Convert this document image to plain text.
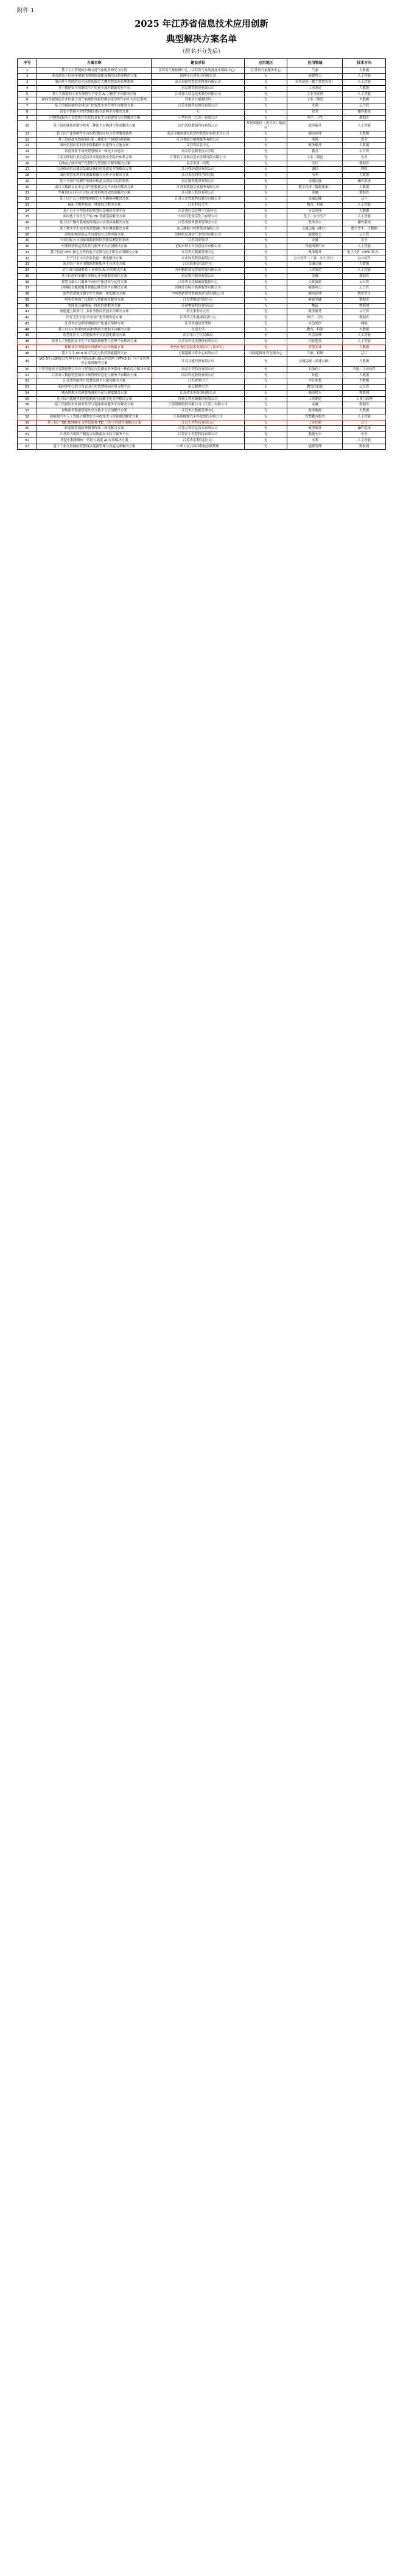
附件 1
2025 年江苏省信息技术应用创新
典型解决方案名单
（排名不分先后）
序号	方案名称	建设单位	应用地区	应用领域	技术方向
1	基于人工智能的公路交通气象服务研究与应用	江苏省气象探测中心（江苏省气象装备技术保障中心）	江苏省气象服务中心	气象	大数据
2	重点建设于信创环境的电网故障诊断预测信息系统解决方案	国网江苏省电力有限公司	无	能源电力	人工智能
3	面向基于智能信息化场景的温室大棚智慧农业管理系统	南京易联智慧农业科技有限公司	无	农业信创（数字智慧农业）	人工智能
4	基于数据安全的钢铁生产质量全流程数据管控平台	南京钢铁股份有限公司	无	工业制造	大数据
5	基于大数据的工业互联网生产安全 AI 大模型平台解决方案	江苏徐工信息技术股份有限公司	无	工业互联网	人工智能
6	面向智能制造企业的基于国产软硬件体系的数字化管理平台中台信息系统	苏州市计量测试院	无	工业／制造	大数据
7	基于信创环境的全栈国产化智慧水务管理平台解决方案	江苏水源科技股份有限公司	无	水利	云计算
8	高安全智能可控智慧城市综合治理平台解决方案	无	无	政务	操作系统
9	小型科技服务于智慧医疗医院信息化平台的建设与应用解决方案	小型科技（江苏）有限公司	无	医疗、卫生	数据库
10	基于信创体系的数字政务一体化平台构建与集成解决方案	国汽智联数据科技有限公司	苏州高新区（虎丘区）数据局	政务服务	人工智能
11	基于国产化软硬件平台的智慧园区综合管理服务系统	南京市城市建设投资控股集团有限责任公司	无	城市治理	大数据
12	基于信创技术的能源行业一体化生产调度指挥系统	江苏省综合能源服务有限公司	无	能源	安全
13	面向信创应用的企业级数据中台建设与实施方案	江苏省信息中心	无	政务服务	大数据
14	信创环境下高校智慧校园一体化平台建设	南京信息职业技术学院	无	教育	云计算
15	工业互联网行业信息技术应用创新安全防护体系方案	江苏省工业和信息安全研究院有限公司	无	工业／制造	安全
16	无线电子病历国产化替代与智慧医疗服务解决方案	南京市第一医院	无	医疗	数据库
17	江苏移动信息通信基础设施信创化改造升级解决方案	江苏移动通信有限公司	无	通信	网络
18	面向智慧水利的多源数据融合分析平台解决方案	江苏省水利科学研究院	无	水利	大数据
19	基于全国产软硬件的城市轨道交通综合监控系统	南京地铁集团有限公司	无	交通运输	操作系统
20	南京大数据交易中心国产化数据交易平台技术解决方案	江苏省数据交易服务有限公司	无	数字经济（数据要素）	大数据
21	华夏银行江苏分行核心业务系统信创改造解决方案	江苏银行股份有限公司	无	金融	数据库
22	基于国产芯片的智能网联汽车车路协同解决方案	江苏天安智联科技股份有限公司	无	交通运输	芯片
23	HJK 大模型驱动一体化综合解决方案	江苏科技大学	无	教育、科研	人工智能
24	基于自主可控技术的智慧应急指挥管理平台	江苏省应急管理厅信息中心	无	应急管理	大数据
25	面向化工安全生产的 HK 智能巡检解决方案	中国石化南京化工有限公司	无	化工／安全生产	人工智能
26	基于国产操作系统的终端办公应用环境解决方案	江苏省政务服务管理办公室	无	政务办公	操作系统
27	基于数字孪生技术的智慧港口作业调度解决方案	连云港港口控股集团有限公司	无	交通运输（港口）	数字孪生、大数据
28	国家电网信创云平台建设与迁移实施方案	国网信息通信产业集团有限公司	无	能源电力	云计算
29	中金国际公司国家级数据风险智能监测管控系统	江苏国金集团	无	金融	安全
30	车联网智联运营监控与服务平台信创解决方案	无锡车联天下信息技术有限公司	无	智能网联汽车	人工智能
31	基于信创 OFD 核心文档的电子证照与电子印章应用解决方案	江苏省大数据管理中心	无	政务服务	电子文件（OFD 版式）
32	全产业于中小企业信创一体化解决方案	永中软件股份有限公司	无	办公软件（工业、中小企业）	办公软件
33	海事信产业应用数据智能服务平台建设方案	江苏海事局信息中心	无	交通运输	大数据
34	基于国产软硬件的工业质检 AI 应用解决方案	苏州精锐视觉智能科技有限公司	无	工业制造	人工智能
35	基于信创的金融行业核心业务数据库替代方案	南京银行股份有限公司	无	金融	数据库
36	智慧文旅公共服务平台国产化建设与运营方案	江苏省文化和旅游数据中心	无	文化旅游	云计算
37	国网综合能源服务智能运维管控平台解决方案	国网江苏综合能源服务有限公司	无	能源电力	云计算
38	新型智慧城市数字孪生底座一体化解决方案	中电科新型智慧城市研究院有限公司	无	城市治理	数字孪生
39	财务管理国产化替代与智能核算解决方案	江苏省财政信息中心	无	财政金融	数据库
40	智能化仓储物流一体化信创解决方案	苏州物流科技有限公司	无	物流	物联网
41	流速通上跨部门、多业务协同信创平台解决方案	机关事务办公室	无	政务服务	云计算
42	医疗卫生信息平台国产化升级改造方案	江苏省卫生健康信息中心	无	医疗、卫生	数据库
43	江苏省应急指挥调度国产化通信保障方案	江苏省通信管理局	无	应急通信	网络
44	基于自主可控架构的高校科研大数据平台解决方案	东南大学	无	教育、科研	大数据
45	智慧社区人工智能服务平台信创化解决方案	南京市江宁区民政局	无	社会治理	人工智能
46	要求人工智能的安全生产在线监测预警与管理平台解决方案	江苏安科技术股份有限公司	无	信息建设	人工智能
47	种植业长势数据实时感知与应用数据方案	苏州水务信息技术有限公司（原单位）	无	智慧农业	大数据
48	基于自主 DCU 的大气动力仿真智能超算平台	无锡超级计算中心有限公司	国家超级计算无锡中心	气象、科研	芯片
49	IAS 智行公路综合管理平台应用的高速公路运营管理（VTHS.5）与产业管理中心系统解决方案	江苏交通控股有限公司	无	交通运输（高速公路）	大数据
50	宁智智能高于易数据整合中台与智能运行监测及业务系统一体化综合解决方案	南京宁智科技有限公司	无	石油化工	其他—工业软件
51	江苏省大数据智慧城乡市场管理信息化与服务平台解决方案	国昌科技股份有限公司	无	其他	大数据
52	江苏省智能审计智慧监督平台建设解决方案	江苏省审计厅	无	审计监督	大数据
53	面向多中心的分布式国产化智慧校园应用支撑平台	南京邮电大学	无	教育信息化	云计算
54	城市供排水管网智能感知与运行调度解决方案	江苏省水务集团有限公司	无	城市供水	物联网
55	基于国产软硬件的智能制造车间数字化管控解决方案	徐州工程机械集团有限公司	无	工业制造	工业互联网
56	基于信创的企业财务共享与智能审核服务平台解决方案	江苏银联股份有限公司（江苏）有限公司	无	金融	数据库
57	省级政务数据资源共享交换平台信创解决方案	江苏省大数据管理中心	无	政务数据	大数据
58	新能源汽车人工智能大模型安全可控技术与智能制造解决方案	江苏新能源汽车科技股份有限公司	无	智慧教育服务	人工智能
59	基于国产 TJB DD00-5 分控仪器和 TJC 工控子控制终端解决方案	江苏工控科技有限公司	无	工业控制	芯片
60	轻量级智能政务服务终端一体化解决方案	江苏云智信息技术有限公司	无	政务服务	操作系统
61	江苏省当用国产制造交易数据安全综合服务平台	江苏江宁智慧科技有限公司	无	数据安全	安全
62	智慧水利流域统一管控与调度 AI 应用解决方案	江苏省水利信息中心	无	水利	人工智能
63	基于工业互联网的智慧园区能源管理与智能运维解决方案	中华人民共和国科技创新集团	无	能源管理	物联网
